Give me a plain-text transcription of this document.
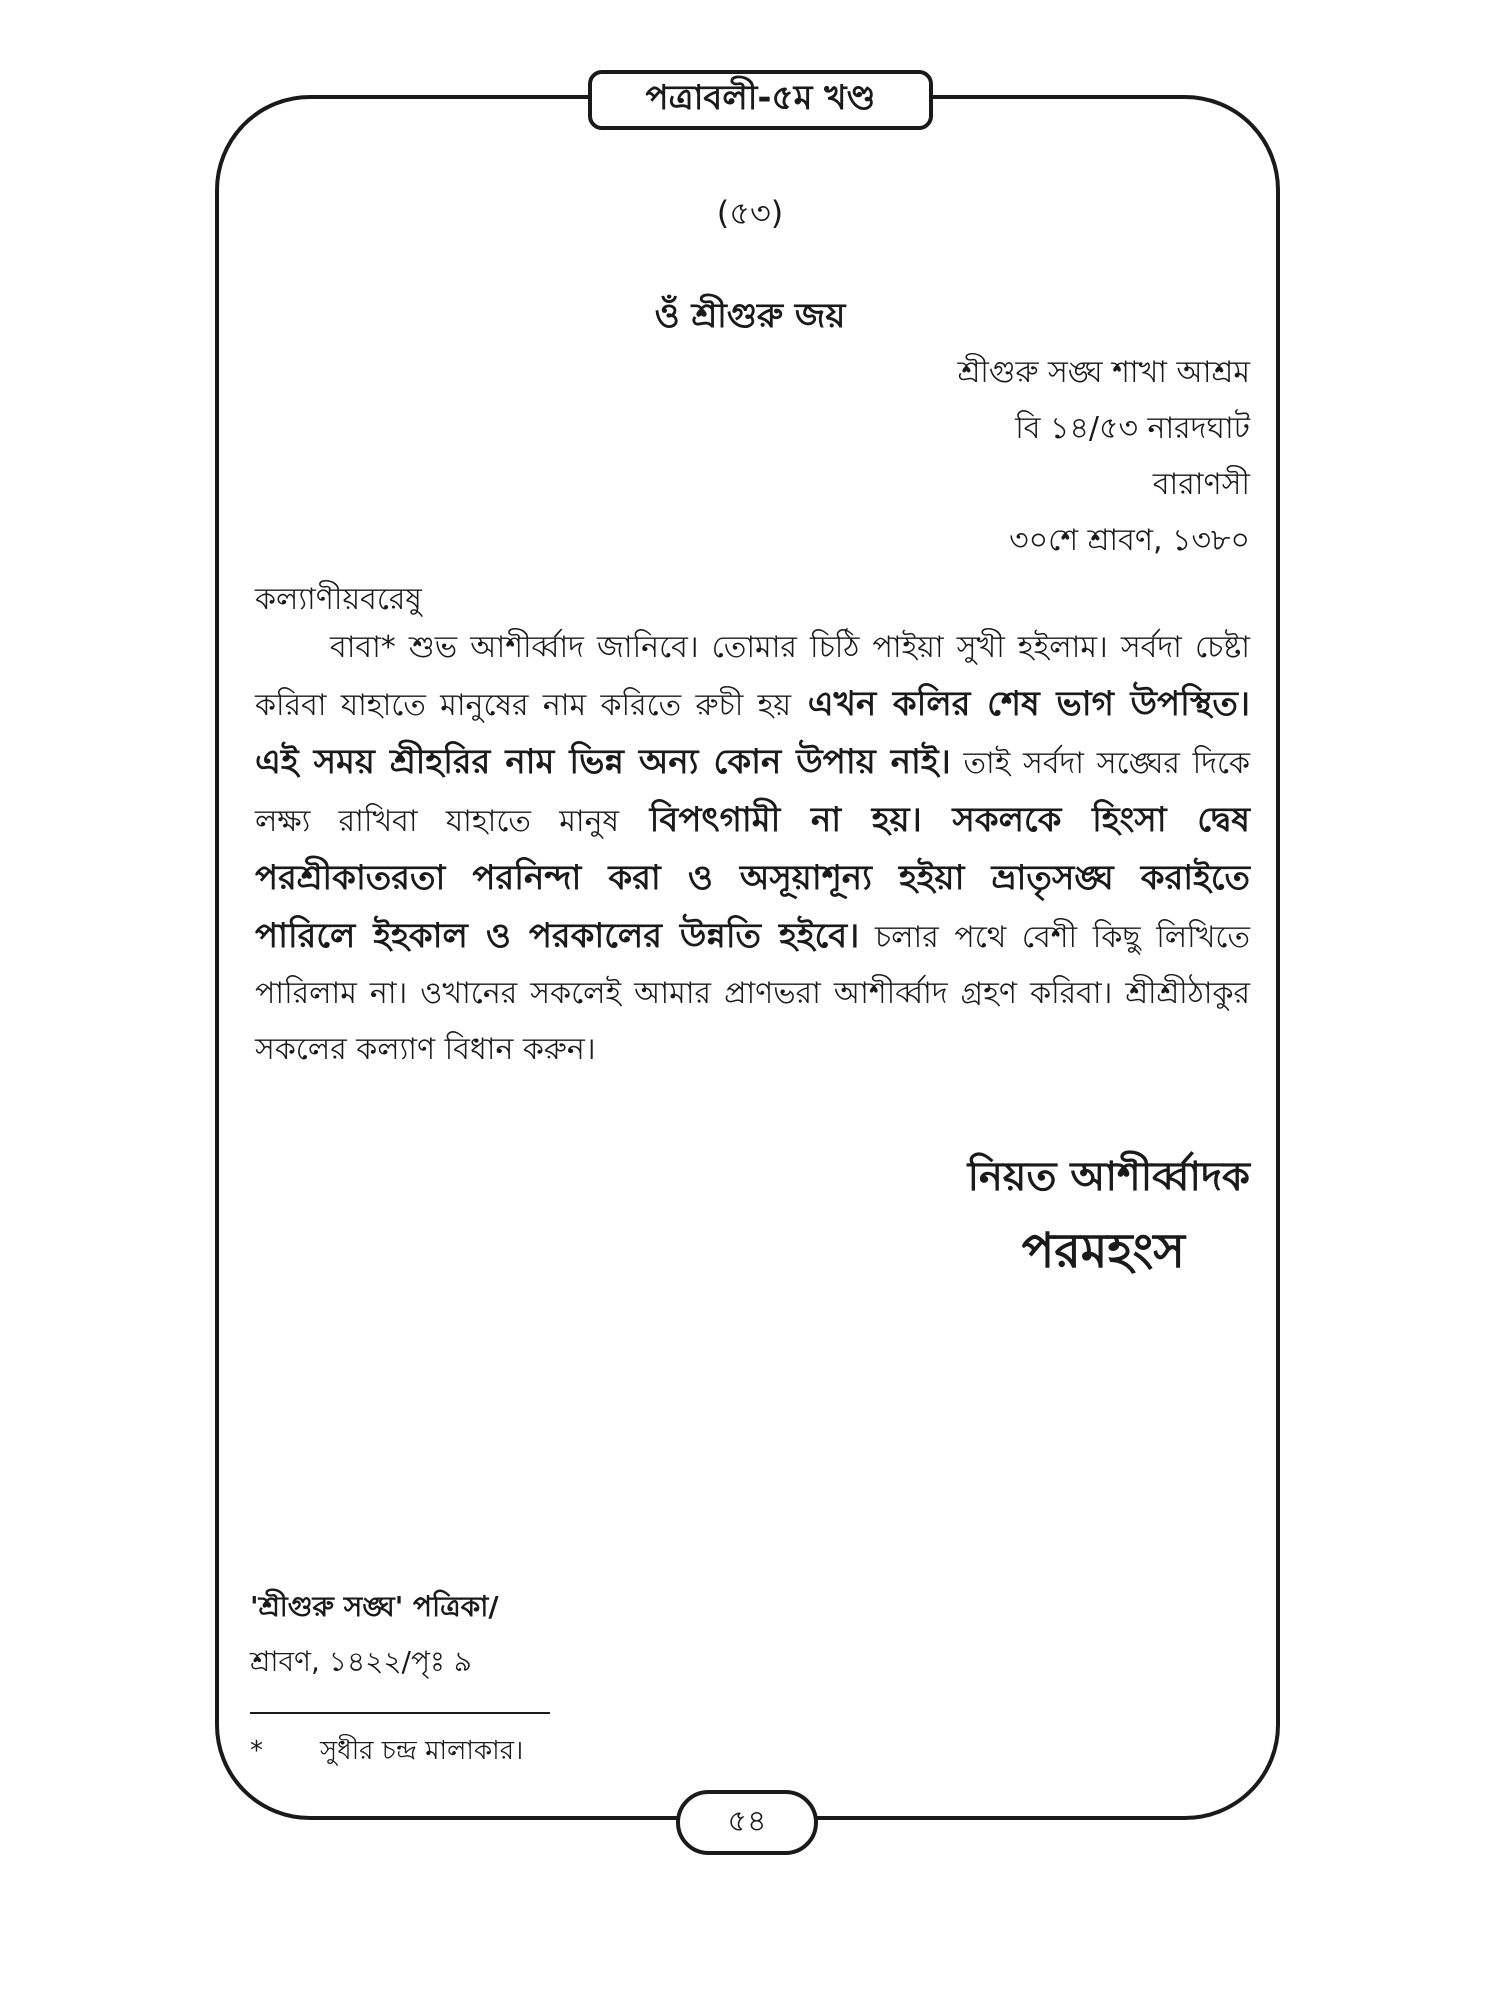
পত্রাবলী-৫ম খণ্ড
(৫৩)
ওঁ শ্রীগুরু জয়
শ্রীগুরু সঙ্ঘ শাখা আশ্রম
বি ১৪/৫৩ নারদঘাট
বারাণসী
৩০শে শ্রাবণ, ১৩৮০
কল্যাণীয়বরেষু
বাবা* শুভ আশীর্ব্বাদ জানিবে। তোমার চিঠি পাইয়া সুখী হইলাম। সর্বদা চেষ্টা করিবা যাহাতে মানুষের নাম করিতে রুচী হয় এখন কলির শেষ ভাগ উপস্থিত। এই সময় শ্রীহরির নাম ভিন্ন অন্য কোন উপায় নাই। তাই সর্বদা সঙ্ঘের দিকে লক্ষ্য রাখিবা যাহাতে মানুষ বিপৎগামী না হয়। সকলকে হিংসা দ্বেষ পরশ্রীকাতরতা পরনিন্দা করা ও অসূয়াশূন্য হইয়া ভ্রাতৃসঙ্ঘ করাইতে পারিলে ইহকাল ও পরকালের উন্নতি হইবে। চলার পথে বেশী কিছু লিখিতে পারিলাম না। ওখানের সকলেই আমার প্রাণভরা আশীর্ব্বাদ গ্রহণ করিবা। শ্রীশ্রীঠাকুর সকলের কল্যাণ বিধান করুন।
নিয়ত আশীর্ব্বাদক
পরমহংস
'শ্রীগুরু সঙ্ঘ' পত্রিকা/
শ্রাবণ, ১৪২২/পৃঃ ৯
* সুধীর চন্দ্র মালাকার।
৫৪
